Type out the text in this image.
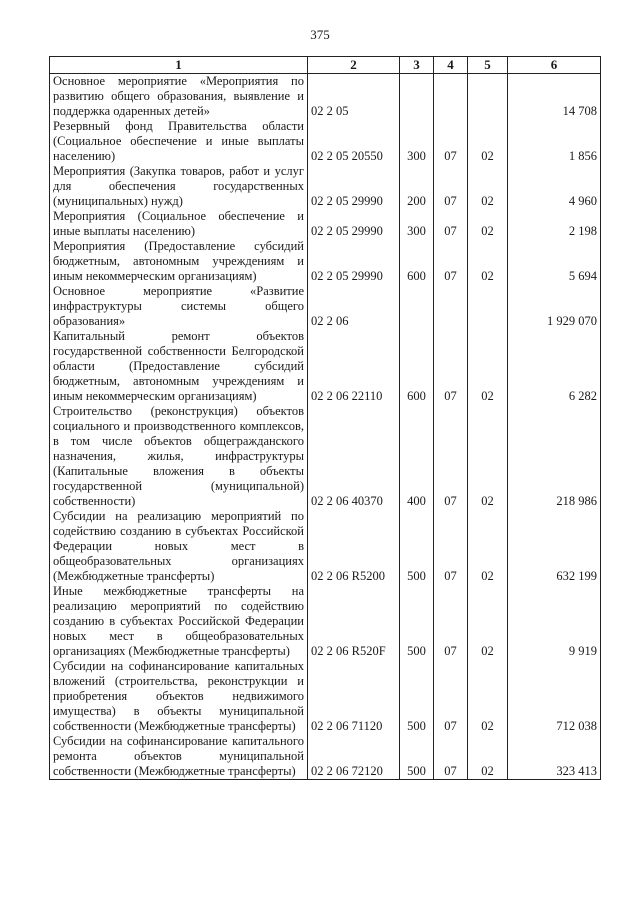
375
1	2	3	4	5	6
Основное мероприятие «Мероприятия по развитию общего образования, выявление и поддержка одаренных детей»	02 2 05				14 708
Резервный фонд Правительства области (Социальное обеспечение и иные выплаты населению)	02 2 05 20550	300	07	02	1 856
Мероприятия (Закупка товаров, работ и услуг для обеспечения государственных (муниципальных) нужд)	02 2 05 29990	200	07	02	4 960
Мероприятия (Социальное обеспечение и иные выплаты населению)	02 2 05 29990	300	07	02	2 198
Мероприятия (Предоставление субсидий бюджетным, автономным учреждениям и иным некоммерческим организациям)	02 2 05 29990	600	07	02	5 694
Основное мероприятие «Развитие инфраструктуры системы общего образования»	02 2 06				1 929 070
Капитальный ремонт объектов государственной собственности Белгородской области (Предоставление субсидий бюджетным, автономным учреждениям и иным некоммерческим организациям)	02 2 06 22110	600	07	02	6 282
Строительство (реконструкция) объектов социального и производственного комплексов, в том числе объектов общегражданского назначения, жилья, инфраструктуры (Капитальные вложения в объекты государственной (муниципальной) собственности)	02 2 06 40370	400	07	02	218 986
Субсидии на реализацию мероприятий по содействию созданию в субъектах Российской Федерации новых мест в общеобразовательных организациях (Межбюджетные трансферты)	02 2 06 R5200	500	07	02	632 199
Иные межбюджетные трансферты на реализацию мероприятий по содействию созданию в субъектах Российской Федерации новых мест в общеобразовательных организациях (Межбюджетные трансферты)	02 2 06 R520F	500	07	02	9 919
Субсидии на софинансирование капитальных вложений (строительства, реконструкции и приобретения объектов недвижимого имущества) в объекты муниципальной собственности (Межбюджетные трансферты)	02 2 06 71120	500	07	02	712 038
Субсидии на софинансирование капитального ремонта объектов муниципальной собственности (Межбюджетные трансферты)	02 2 06 72120	500	07	02	323 413
